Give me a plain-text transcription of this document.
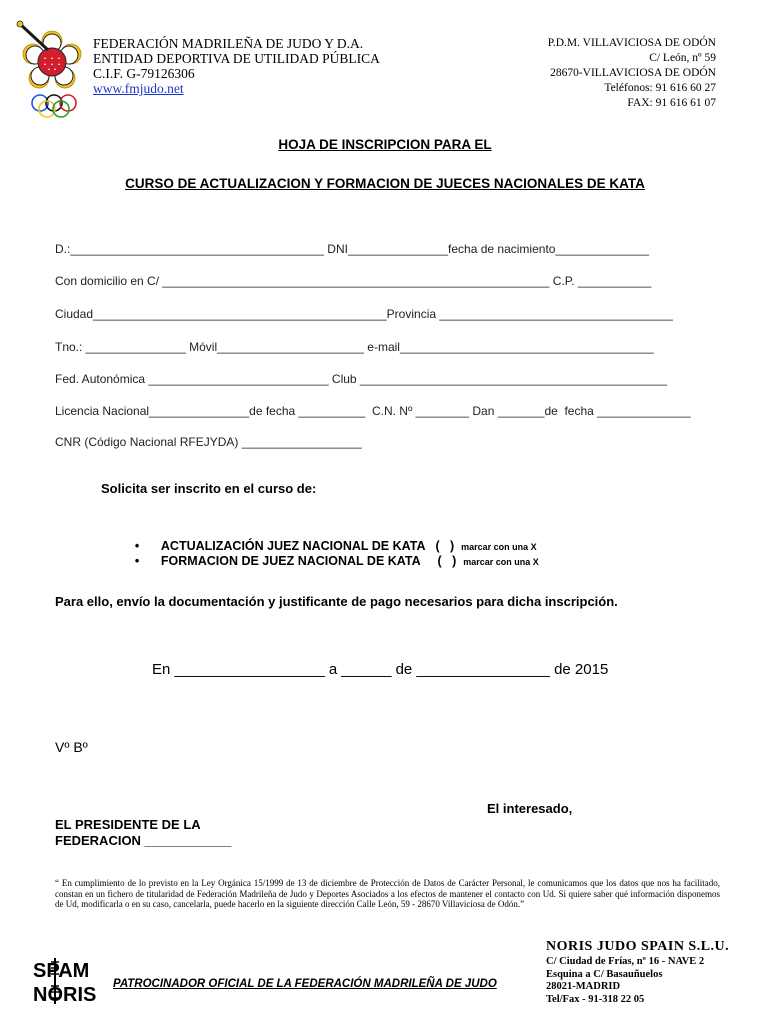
FEDERACIÓN MADRILEÑA DE JUDO Y D.A.
ENTIDAD DEPORTIVA DE UTILIDAD PÚBLICA
C.I.F. G-79126306
www.fmjudo.net
P.D.M. VILLAVICIOSA DE ODÓN
C/ León, nº 59
28670-VILLAVICIOSA DE ODÓN
Teléfonos: 91 616 60 27
FAX: 91 616 61 07
HOJA DE INSCRIPCION PARA EL
CURSO DE ACTUALIZACION Y FORMACION DE JUECES NACIONALES DE KATA
D.:______________________________________ DNI_______________fecha de nacimiento______________
Con domicilio en C/ __________________________________________________________ C.P. ___________
Ciudad____________________________________________Provincia ___________________________________
Tno.: _______________ Móvil______________________ e-mail______________________________________
Fed. Autonómica ___________________________ Club ______________________________________________
Licencia Nacional_______________de fecha __________  C.N. Nº ________ Dan _______de  fecha ______________
CNR (Código Nacional RFEJYDA) __________________
Solicita ser inscrito en el curso de:

• ACTUALIZACIÓN JUEZ NACIONAL DE KATA (   ) marcar con una X

• FORMACION DE JUEZ NACIONAL DE KATA (   ) marcar con una X

Para ello, envío la documentación y justificante de pago necesarios para dicha inscripción.
En __________________ a ______ de ________________ de 2015
Vº Bº
El interesado,
EL PRESIDENTE DE LA
FEDERACION ____________
“ En cumplimiento de lo previsto en la Ley Orgánica 15/1999 de 13 de diciembre de Protección de Datos de Carácter Personal, le comunicamos que los datos que nos ha facilitado, constan en un fichero de titularidad de Federación Madrileña de Judo y Deportes Asociados a los efectos de mantener el contacto con Ud. Si quiere saber qué información disponemos de Ud, modificarla o en su caso, cancelarla, puede hacerlo en la siguiente dirección Calle León, 59 - 28670 Villaviciosa de Odón.”
SPAM
NORIS PATROCINADOR OFICIAL DE LA FEDERACIÓN MADRILEÑA DE JUDO
NORIS JUDO SPAIN S.L.U.
C/ Ciudad de Frías, nº 16 - NAVE 2
Esquina a C/ Basauñuelos
28021-MADRID
Tel/Fax - 91-318 22 05
